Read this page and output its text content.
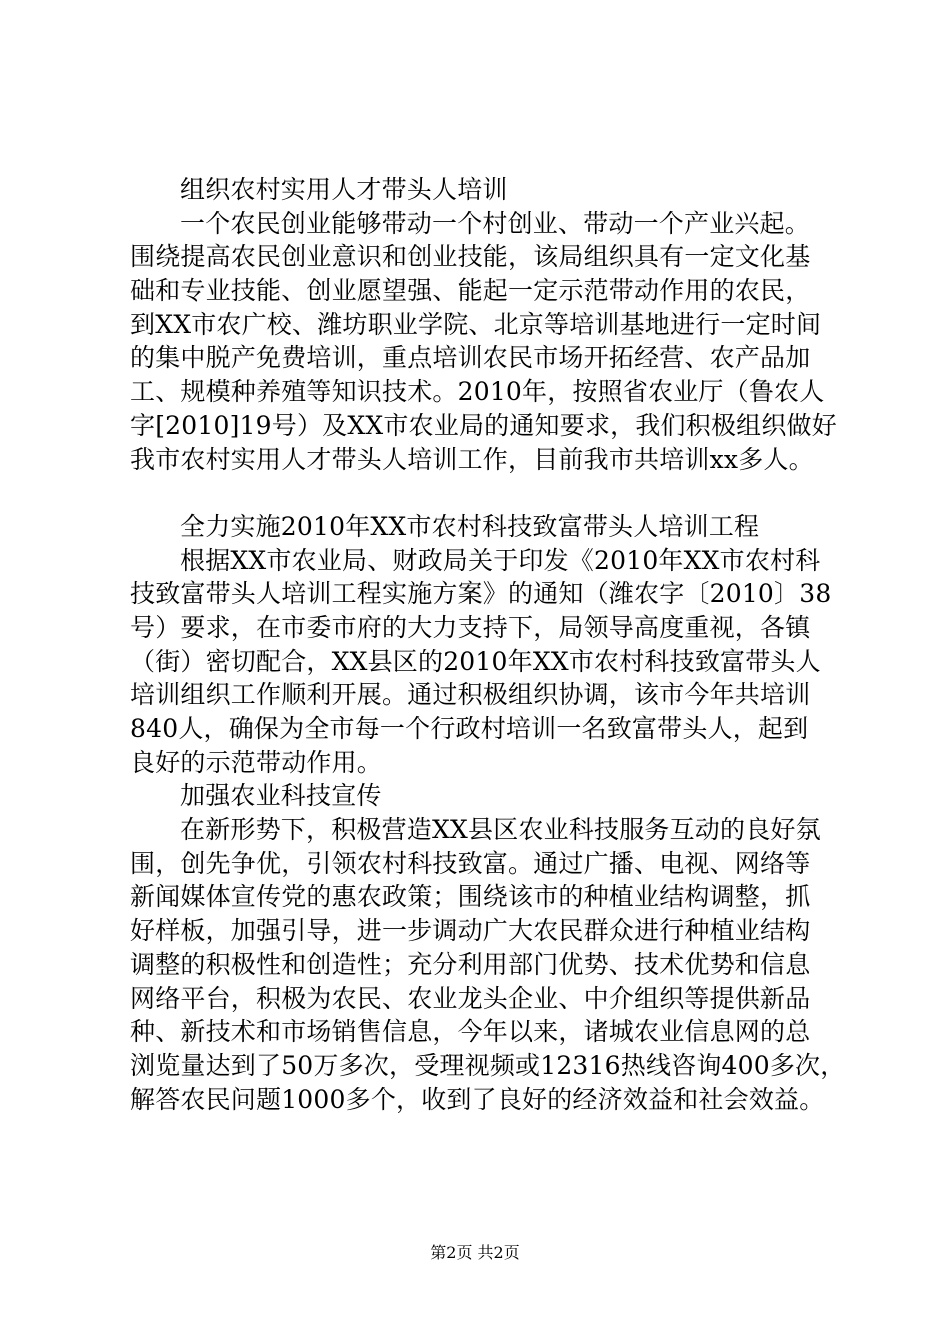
组织农村实用人才带头人培训
一个农民创业能够带动一个村创业、带动一个产业兴起。
围绕提高农民创业意识和创业技能，该局组织具有一定文化基
础和专业技能、创业愿望强、能起一定示范带动作用的农民，
到XX市农广校、潍坊职业学院、北京等培训基地进行一定时间
的集中脱产免费培训，重点培训农民市场开拓经营、农产品加
工、规模种养殖等知识技术。2010年，按照省农业厅（鲁农人
字[2010]19号）及XX市农业局的通知要求，我们积极组织做好
我市农村实用人才带头人培训工作，目前我市共培训xx多人。
全力实施2010年XX市农村科技致富带头人培训工程
根据XX市农业局、财政局关于印发《2010年XX市农村科
技致富带头人培训工程实施方案》的通知（潍农字〔2010〕38
号）要求，在市委市府的大力支持下，局领导高度重视，各镇
（街）密切配合，XX县区的2010年XX市农村科技致富带头人
培训组织工作顺利开展。通过积极组织协调，该市今年共培训
840人，确保为全市每一个行政村培训一名致富带头人，起到
良好的示范带动作用。
加强农业科技宣传
在新形势下，积极营造XX县区农业科技服务互动的良好氛
围，创先争优，引领农村科技致富。通过广播、电视、网络等
新闻媒体宣传党的惠农政策；围绕该市的种植业结构调整，抓
好样板，加强引导，进一步调动广大农民群众进行种植业结构
调整的积极性和创造性；充分利用部门优势、技术优势和信息
网络平台，积极为农民、农业龙头企业、中介组织等提供新品
种、新技术和市场销售信息，今年以来，诸城农业信息网的总
浏览量达到了50万多次，受理视频或12316热线咨询400多次，
解答农民问题1000多个，收到了良好的经济效益和社会效益。
第2页 共2页
